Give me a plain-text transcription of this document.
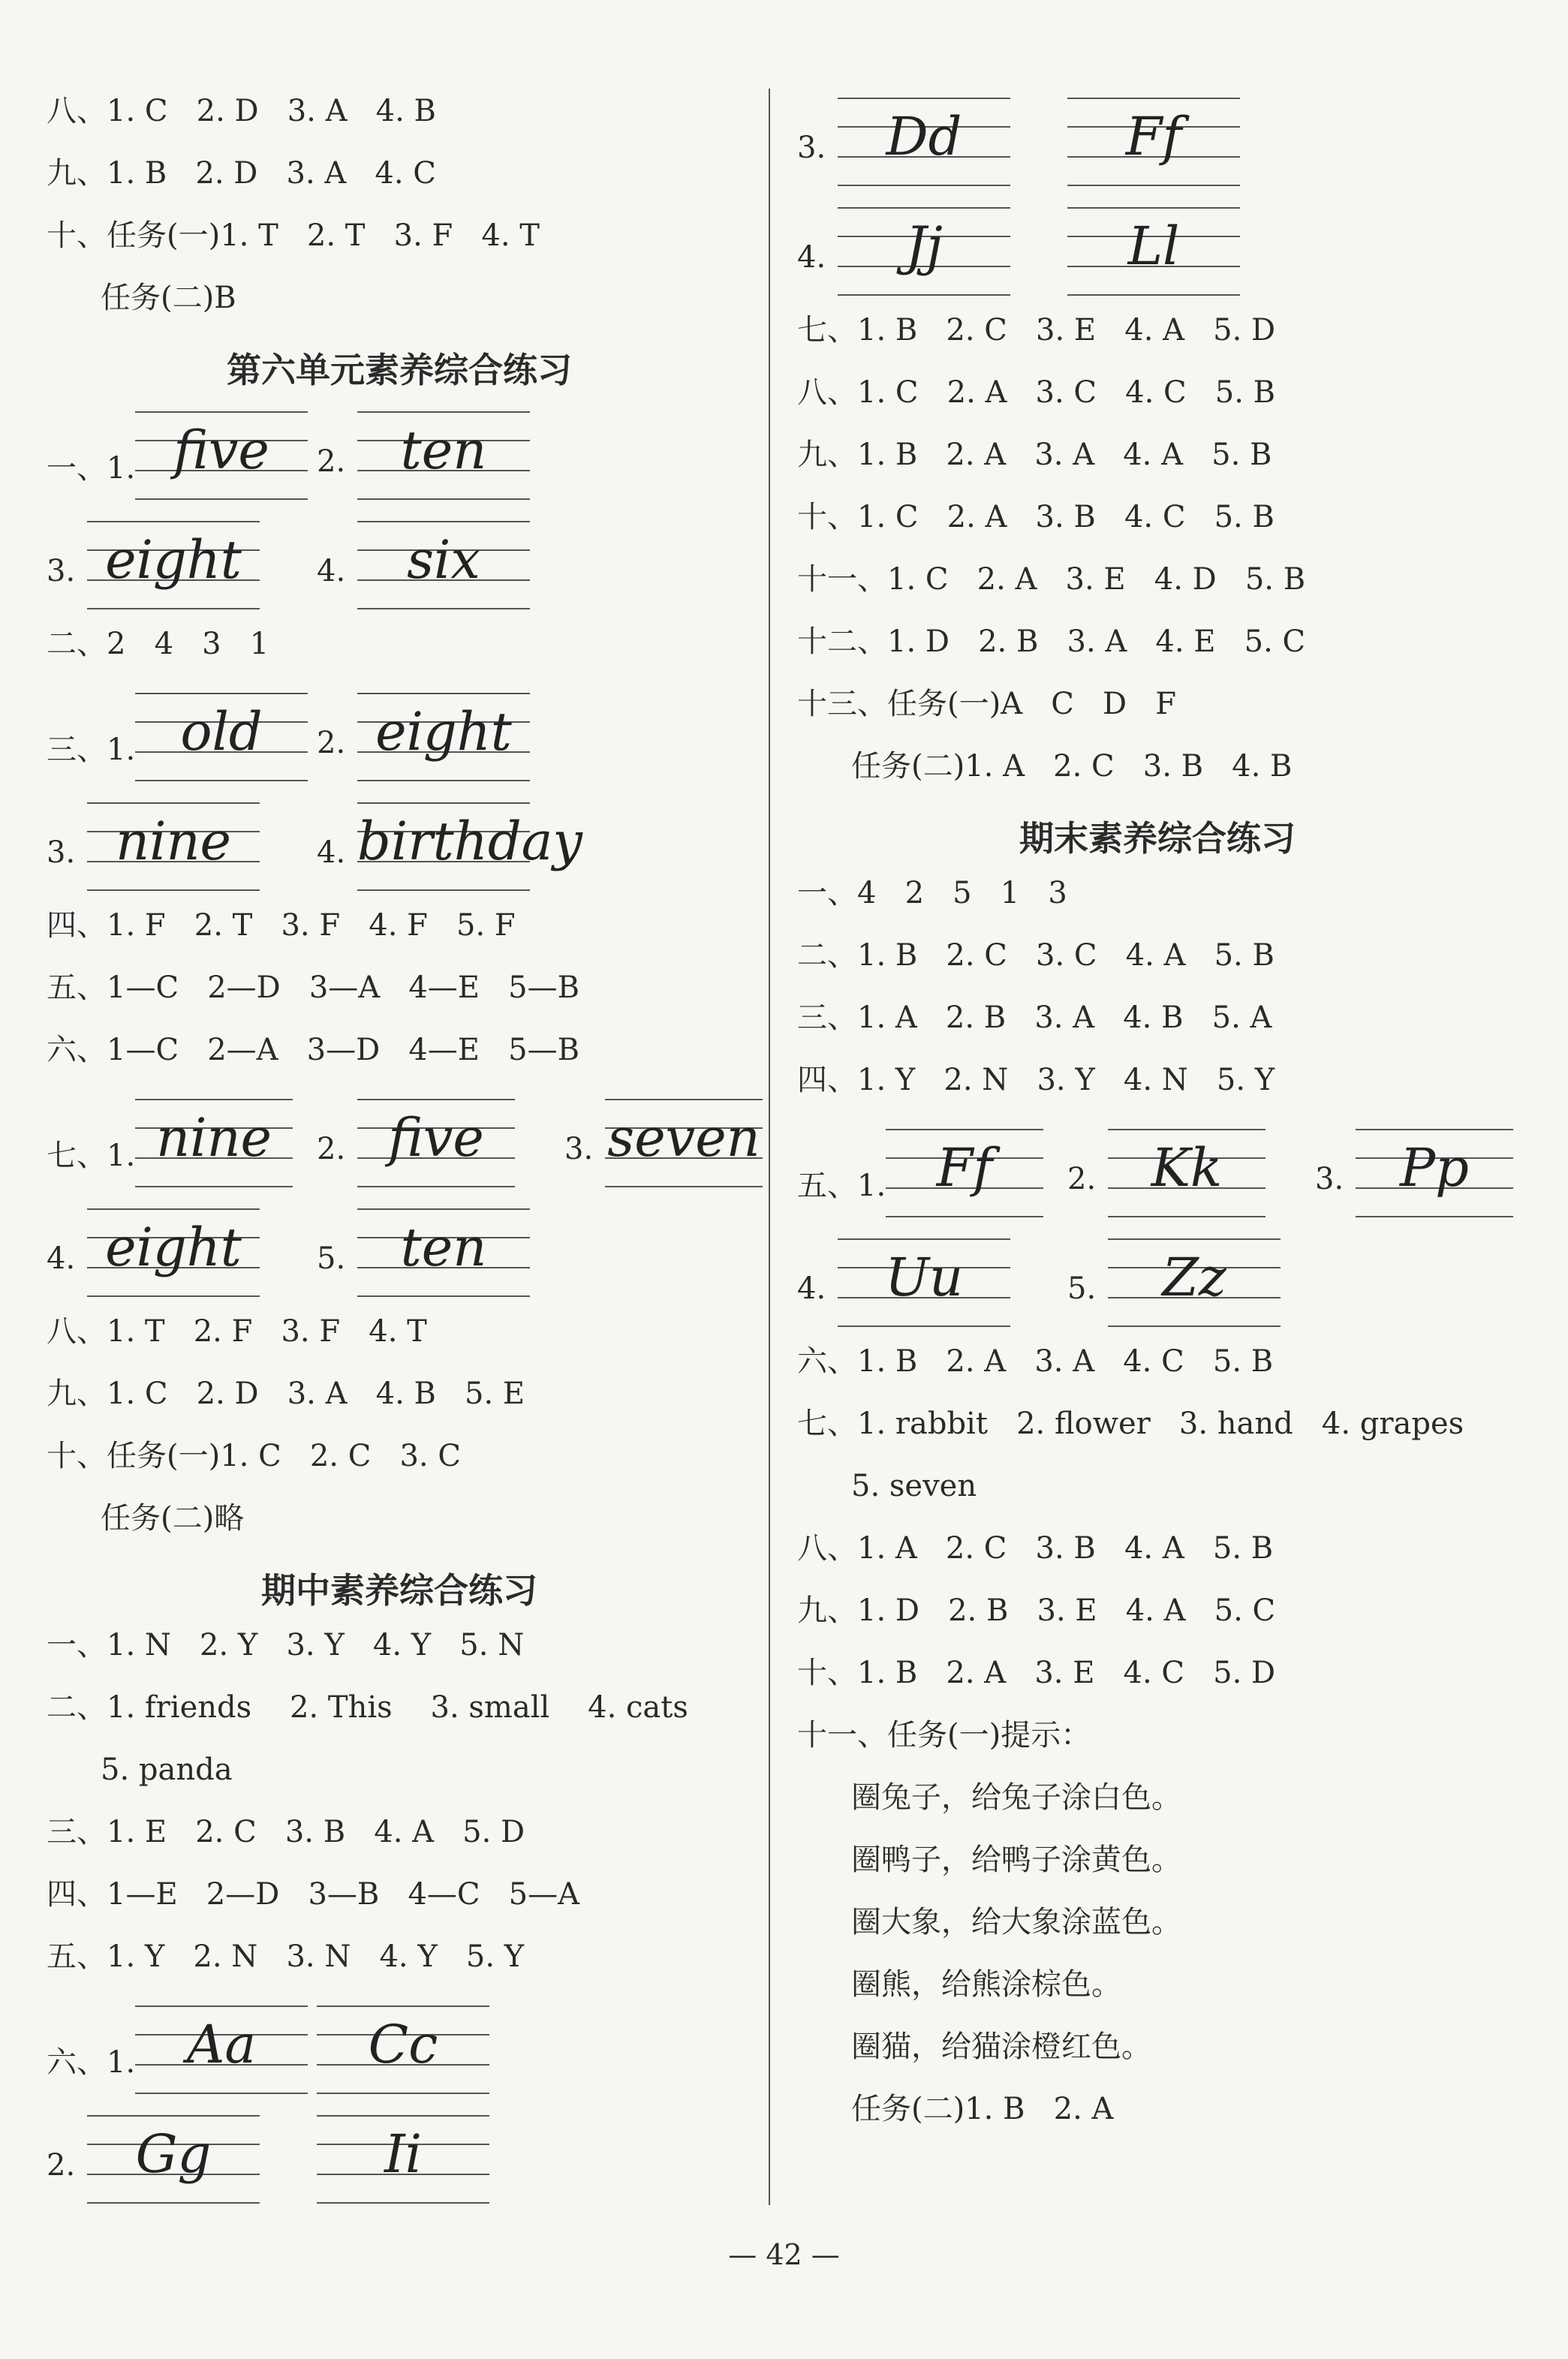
八、1. C   2. D   3. A   4. B
九、1. B   2. D   3. A   4. C
十、任务(一)1. T   2. T   3. F   4. T
任务(二)B
第六单元素养综合练习
一、1. five	2.	ten
3. eight	4.	six
二、2   4   3   1
三、1. old	2. eight
3. nine	4. birthday
四、1. F   2. T   3. F   4. F   5. F
五、1—C   2—D   3—A   4—E   5—B
六、1—C   2—A   3—D   4—E   5—B
七、1. nine	2. five	3. seven
4. eight	5.	ten
八、1. T   2. F   3. F   4. T
九、1. C   2. D   3. A   4. B   5. E
十、任务(一)1. C   2. C   3. C
任务(二)略
期中素养综合练习
一、1. N   2. Y   3. Y   4. Y   5. N
二、1. friends    2. This    3. small    4. cats
5. panda
三、1. E   2. C   3. B   4. A   5. D
四、1—E   2—D   3—B   4—C   5—A
五、1. Y   2. N   3. N   4. Y   5. Y
六、1. Aa	Cc
2.	Gg	Ii
3.	Dd	Ff
4.	Jj	Ll
七、1. B   2. C   3. E   4. A   5. D
八、1. C   2. A   3. C   4. C   5. B
九、1. B   2. A   3. A   4. A   5. B
十、1. C   2. A   3. B   4. C   5. B
十一、1. C   2. A   3. E   4. D   5. B
十二、1. D   2. B   3. A   4. E   5. C
十三、任务(一)A   C   D   F
任务(二)1. A   2. C   3. B   4. B
期末素养综合练习
一、4   2   5   1   3
二、1. B   2. C   3. C   4. A   5. B
三、1. A   2. B   3. A   4. B   5. A
四、1. Y   2. N   3. Y   4. N   5. Y
五、1. Ff	2.	Kk	3.	Pp
4.	Uu	5.	Zz
六、1. B   2. A   3. A   4. C   5. B
七、1. rabbit   2. flower   3. hand   4. grapes
5. seven
八、1. A   2. C   3. B   4. A   5. B
九、1. D   2. B   3. E   4. A   5. C
十、1. B   2. A   3. E   4. C   5. D
十一、任务(一)提示：
圈兔子，给兔子涂白色。
圈鸭子，给鸭子涂黄色。
圈大象，给大象涂蓝色。
圈熊，给熊涂棕色。
圈猫，给猫涂橙红色。
任务(二)1. B   2. A
— 42 —
